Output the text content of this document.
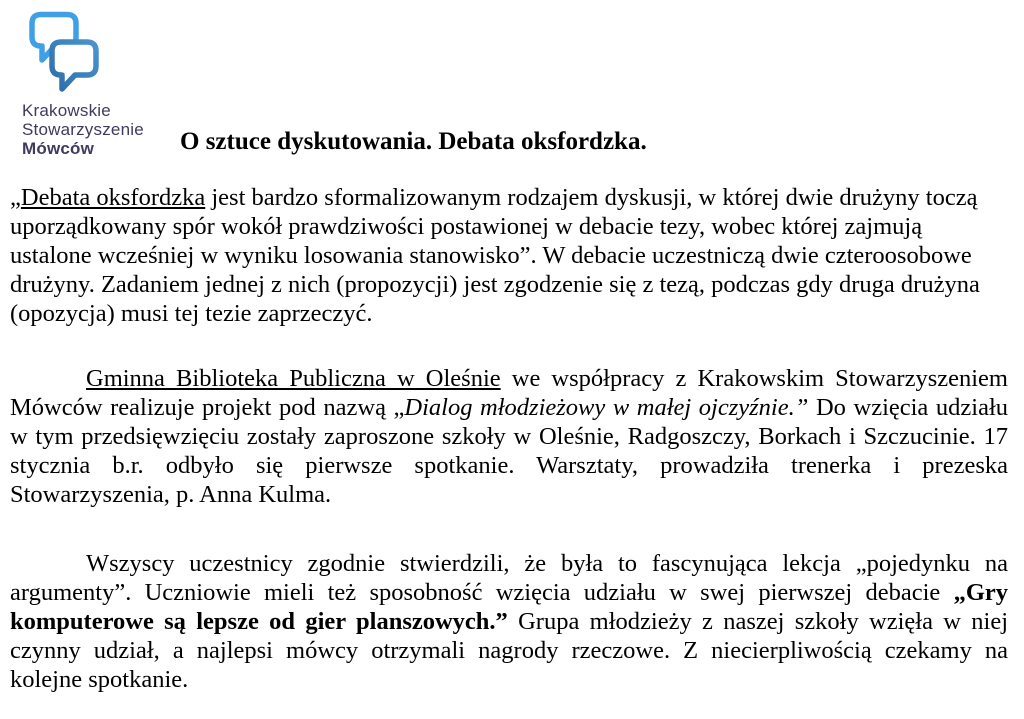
Krakowskie
Stowarzyszenie
Mówców	O sztuce dyskutowania. Debata oksfordzka.

„Debata oksfordzka jest bardzo sformalizowanym rodzajem dyskusji, w której dwie drużyny toczą uporządkowany spór wokół prawdziwości postawionej w debacie tezy, wobec której zajmują ustalone wcześniej w wyniku losowania stanowisko”. W debacie uczestniczą dwie czteroosobowe drużyny. Zadaniem jednej z nich (propozycji) jest zgodzenie się z tezą, podczas gdy druga drużyna (opozycja) musi tej tezie zaprzeczyć.

Gminna Biblioteka Publiczna w Oleśnie we współpracy z Krakowskim Stowarzyszeniem Mówców realizuje projekt pod nazwą „Dialog młodzieżowy w małej ojczyźnie.” Do wzięcia udziału w tym przedsięwzięciu zostały zaproszone szkoły w Oleśnie, Radgoszczy, Borkach i Szczucinie. 17 stycznia b.r. odbyło się pierwsze spotkanie. Warsztaty, prowadziła trenerka i prezeska Stowarzyszenia, p. Anna Kulma.

Wszyscy uczestnicy zgodnie stwierdzili, że była to fascynująca lekcja „pojedynku na argumenty”. Uczniowie mieli też sposobność wzięcia udziału w swej pierwszej debacie „Gry komputerowe są lepsze od gier planszowych.” Grupa młodzieży z naszej szkoły wzięła w niej czynny udział, a najlepsi mówcy otrzymali nagrody rzeczowe. Z niecierpliwością czekamy na kolejne spotkanie.
